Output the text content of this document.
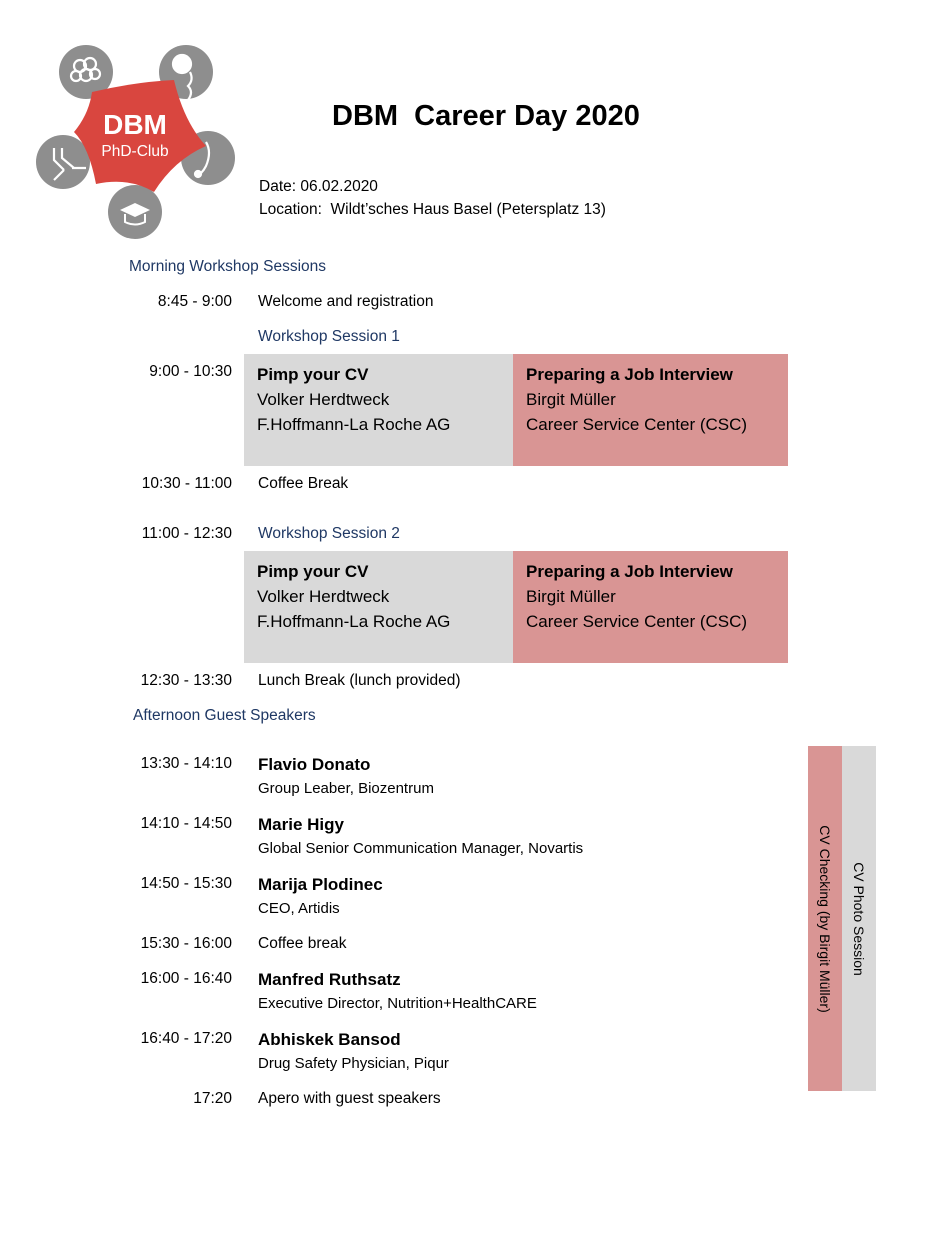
DBM
PhD-Club
DBM  Career Day 2020
Date: 06.02.2020
Location:  Wildt’sches Haus Basel (Petersplatz 13)
Morning Workshop Sessions
8:45 - 9:00 Welcome and registration
Workshop Session 1
9:00 - 10:30 Pimp your CV
Volker Herdtweck
F.Hoffmann-La Roche AG
Preparing a Job Interview
Birgit Müller
Career Service Center (CSC)
10:30 - 11:00 Coffee Break
11:00 - 12:30 Workshop Session 2
Pimp your CV
Volker Herdtweck
F.Hoffmann-La Roche AG
Preparing a Job Interview
Birgit Müller
Career Service Center (CSC)
12:30 - 13:30 Lunch Break (lunch provided)
Afternoon Guest Speakers
13:30 - 14:10 Flavio Donato
Group Leaber, Biozentrum
14:10 - 14:50 Marie Higy
Global Senior Communication Manager, Novartis
14:50 - 15:30 Marija Plodinec
CEO, Artidis
15:30 - 16:00 Coffee break
16:00 - 16:40 Manfred Ruthsatz
Executive Director, Nutrition+HealthCARE
16:40 - 17:20 Abhiskek Bansod
Drug Safety Physician, Piqur
17:20 Apero with guest speakers
CV Checking (by Birgit Müller) CV Photo Session
